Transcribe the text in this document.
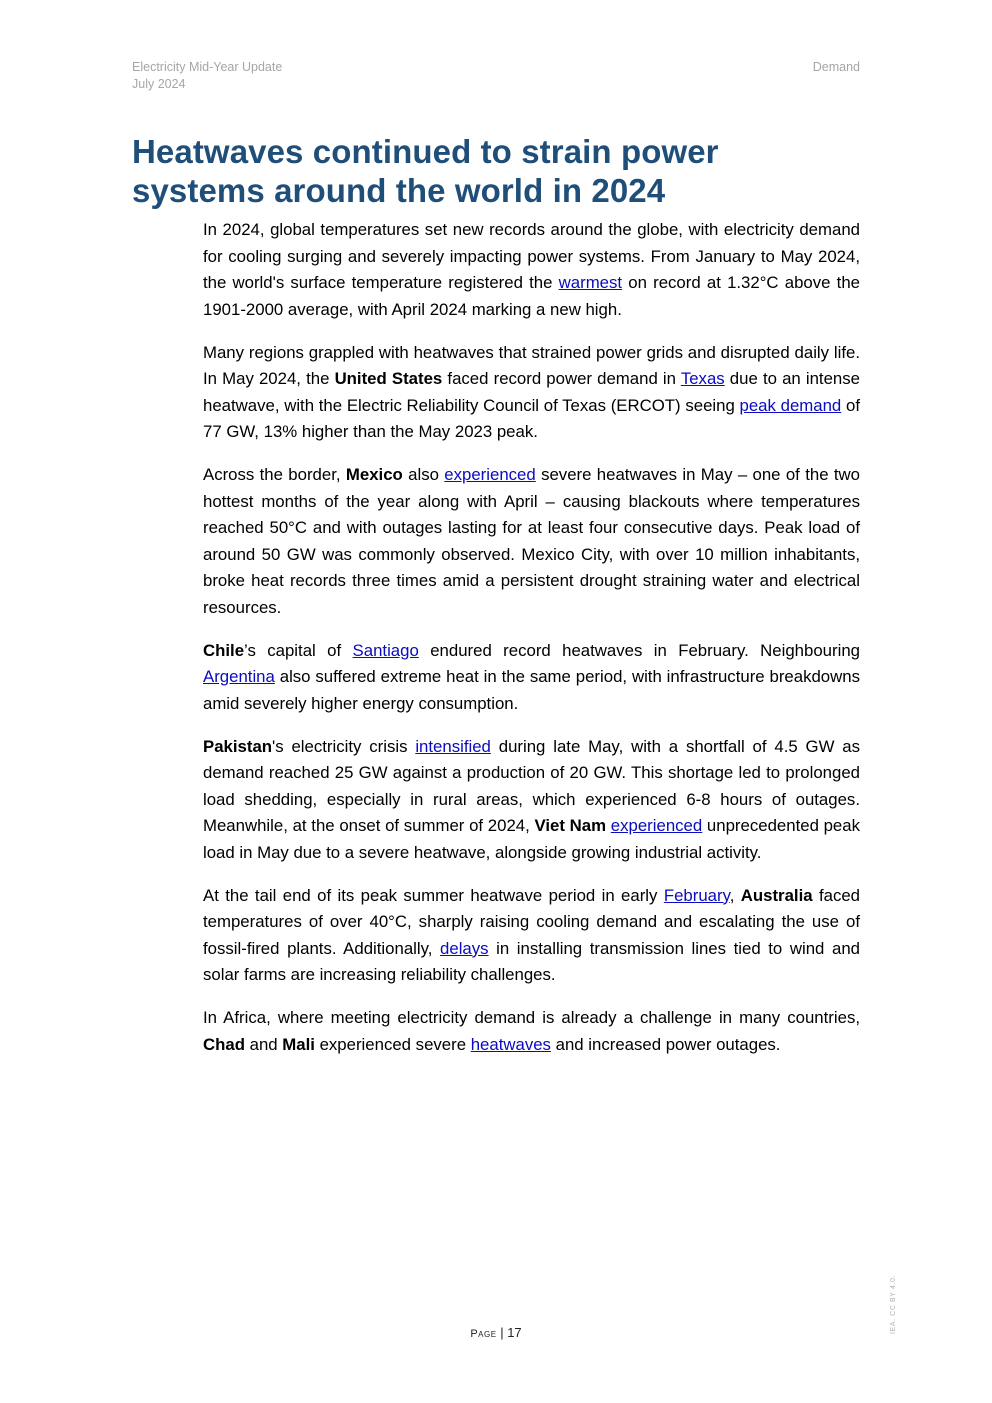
Electricity Mid-Year Update
July 2024
Demand
Heatwaves continued to strain power systems around the world in 2024

In 2024, global temperatures set new records around the globe, with electricity demand for cooling surging and severely impacting power systems. From January to May 2024, the world's surface temperature registered the warmest on record at 1.32°C above the 1901-2000 average, with April 2024 marking a new high.

Many regions grappled with heatwaves that strained power grids and disrupted daily life. In May 2024, the United States faced record power demand in Texas due to an intense heatwave, with the Electric Reliability Council of Texas (ERCOT) seeing peak demand of 77 GW, 13% higher than the May 2023 peak.

Across the border, Mexico also experienced severe heatwaves in May – one of the two hottest months of the year along with April – causing blackouts where temperatures reached 50°C and with outages lasting for at least four consecutive days. Peak load of around 50 GW was commonly observed. Mexico City, with over 10 million inhabitants, broke heat records three times amid a persistent drought straining water and electrical resources.

Chile’s capital of Santiago endured record heatwaves in February. Neighbouring Argentina also suffered extreme heat in the same period, with infrastructure breakdowns amid severely higher energy consumption.

Pakistan's electricity crisis intensified during late May, with a shortfall of 4.5 GW as demand reached 25 GW against a production of 20 GW. This shortage led to prolonged load shedding, especially in rural areas, which experienced 6-8 hours of outages. Meanwhile, at the onset of summer of 2024, Viet Nam experienced unprecedented peak load in May due to a severe heatwave, alongside growing industrial activity.

At the tail end of its peak summer heatwave period in early February, Australia faced temperatures of over 40°C, sharply raising cooling demand and escalating the use of fossil-fired plants. Additionally, delays in installing transmission lines tied to wind and solar farms are increasing reliability challenges.

In Africa, where meeting electricity demand is already a challenge in many countries, Chad and Mali experienced severe heatwaves and increased power outages.

Page | 17	IEA. CC BY 4.0.
